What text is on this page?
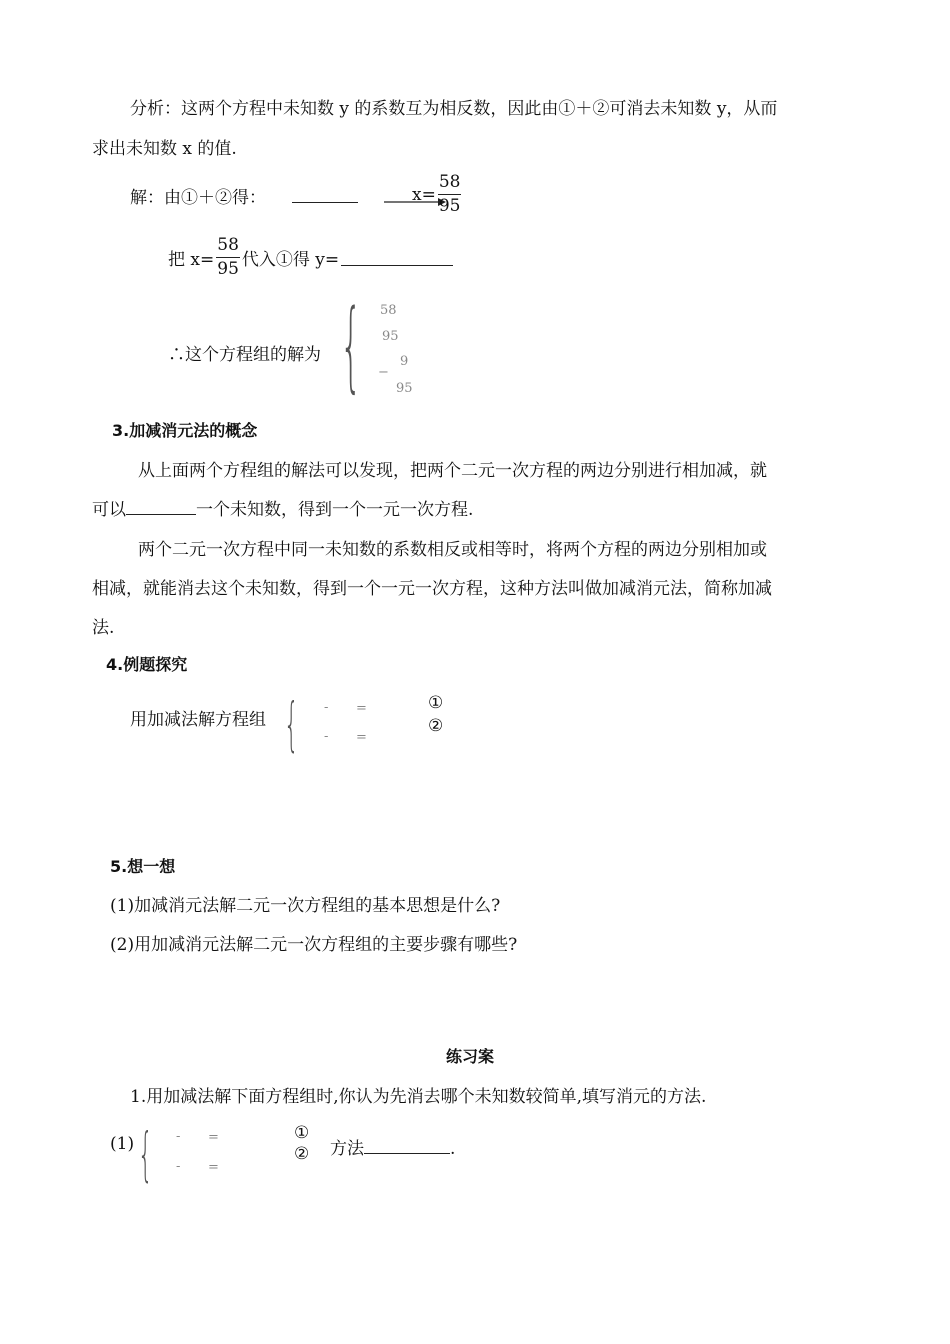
分析：这两个方程中未知数 y 的系数互为相反数，因此由①＋②可消去未知数 y，从而
求出未知数 x 的值.
解：由①＋②得：	$x= \frac{58}{95}$
把 $x= \frac{58}{95}$ 代入①得 y=
∴这个方程组的解为 { 58
95
9
−
95
3.加减消元法的概念
从上面两个方程组的解法可以发现，把两个二元一次方程的两边分别进行相加减，就
可以	一个未知数，得到一个一元一次方程.
两个二元一次方程中同一未知数的系数相反或相等时，将两个方程的两边分别相加或
相减，就能消去这个未知数，得到一个一元一次方程，这种方法叫做加减消元法，简称加减
法.
4.例题探究
用加减法解方程组 { - =
- =
①
②
5.想一想
(1)加减消元法解二元一次方程组的基本思想是什么?
(2)用加减消元法解二元一次方程组的主要步骤有哪些?
练习案
1.用加减法解下面方程组时,你认为先消去哪个未知数较简单,填写消元的方法.
(1) { - =
- =
①
② 方法	.
